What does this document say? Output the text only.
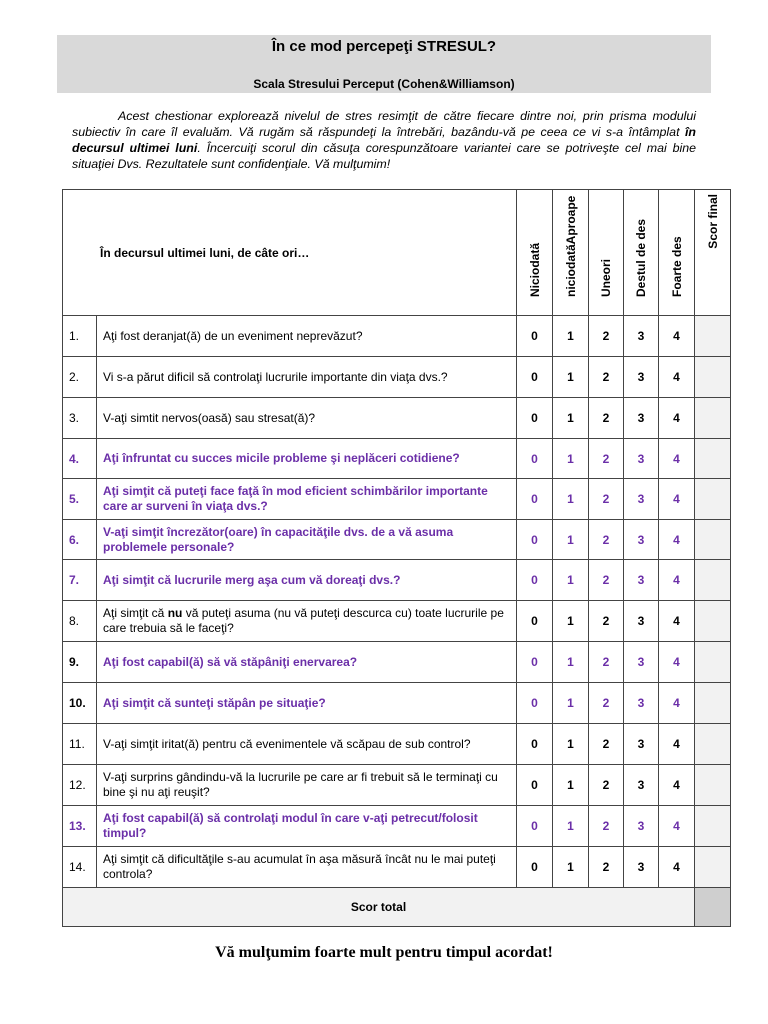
În ce mod percepeţi STRESUL?
Scala Stresului Perceput (Cohen&Williamson)
Acest chestionar explorează nivelul de stres resimţit de către fiecare dintre noi, prin prisma modului subiectiv în care îl evaluăm. Vă rugăm să răspundeţi la întrebări, bazându-vă pe ceea ce vi s-a întâmplat în decursul ultimei luni. Încercuiţi scorul din căsuţa corespunzătoare variantei care se potriveşte cel mai bine situaţiei Dvs. Rezultatele sunt confidenţiale. Vă mulţumim!
În decursul ultimei luni, de câte ori…		Niciodată	niciodatăAproape	Uneori	Destul de des	Foarte des	Scor final

1.	Aţi fost deranjat(ă) de un eveniment neprevăzut?	0	1	2	3	4	
2.	Vi s-a părut dificil să controlaţi lucrurile importante din viaţa dvs.?	0	1	2	3	4	
3.	V-aţi simtit nervos(oasă) sau stresat(ă)?	0	1	2	3	4	
4.	Aţi înfruntat cu succes micile probleme şi neplăceri cotidiene?	0	1	2	3	4	
5.	Aţi simţit că puteţi face faţă în mod eficient schimbărilor importante care ar surveni în viaţa dvs.?	0	1	2	3	4	
6.	V-aţi simţit încrezător(oare) în capacităţile dvs. de a vă asuma problemele personale?	0	1	2	3	4	
7.	Aţi simţit că lucrurile merg aşa cum vă doreaţi dvs.?	0	1	2	3	4	
8.	Aţi simţit că nu vă puteţi asuma (nu vă puteţi descurca cu) toate lucrurile pe care trebuia să le faceţi?	0	1	2	3	4	
9.	Aţi fost capabil(ă) să vă stăpâniţi enervarea?	0	1	2	3	4	
10.	Aţi simţit că sunteţi stăpân pe situaţie?	0	1	2	3	4	
11.	V-aţi simţit iritat(ă) pentru că evenimentele vă scăpau de sub control?	0	1	2	3	4	
12.	V-aţi surprins gândindu-vă la lucrurile pe care ar fi trebuit să le terminaţi cu bine şi nu aţi reuşit?	0	1	2	3	4	
13.	Aţi fost capabil(ă) să controlaţi modul în care v-aţi petrecut/folosit timpul?	0	1	2	3	4	
14.	Aţi simţit că dificultăţile s-au acumulat în aşa măsură încât nu le mai puteţi controla?	0	1	2	3	4	
Scor total							
Vă mulţumim foarte mult pentru timpul acordat!
